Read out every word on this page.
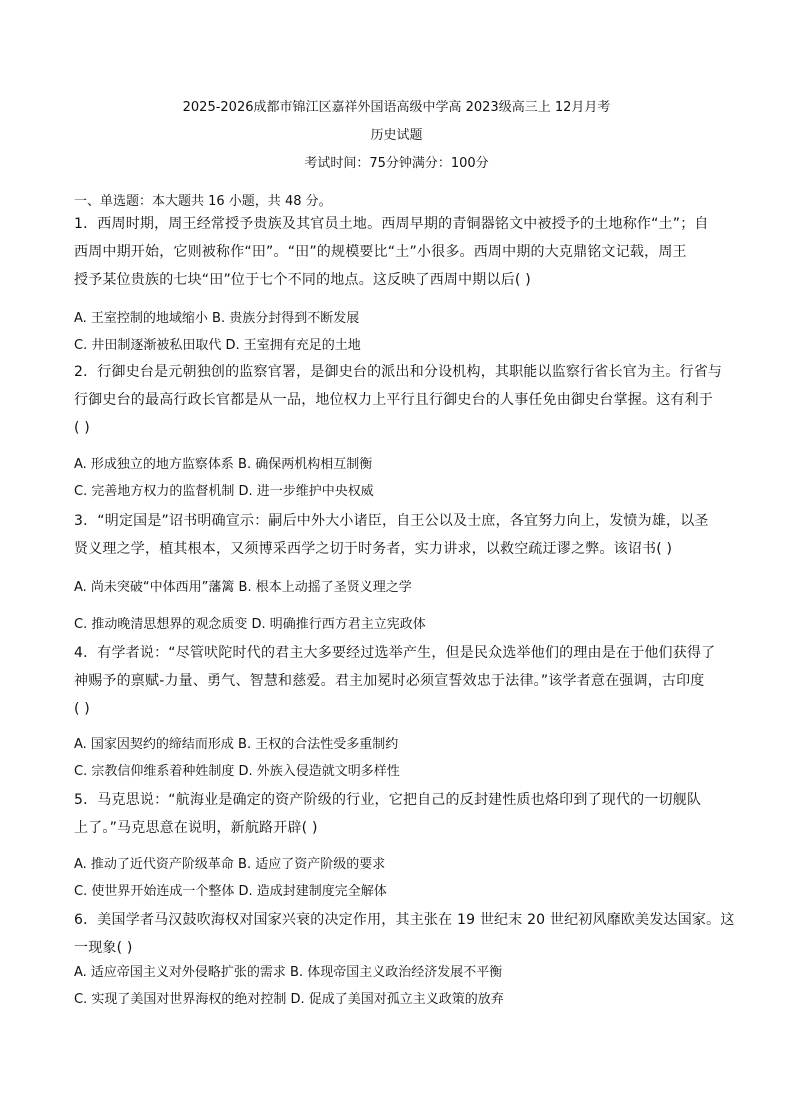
2025-2026成都市锦江区嘉祥外国语高级中学高 2023级高三上 12月月考
历史试题
考试时间：75分钟满分：100分
一、单选题：本大题共 16 小题，共 48 分。
1．西周时期，周王经常授予贵族及其官员土地。西周早期的青铜器铭文中被授予的土地称作“土”；自
西周中期开始，它则被称作“田”。“田”的规模要比“土”小很多。西周中期的大克鼎铭文记载，周王
授予某位贵族的七块“田”位于七个不同的地点。这反映了西周中期以后( )
A. 王室控制的地域缩小 B. 贵族分封得到不断发展
C. 井田制逐渐被私田取代 D. 王室拥有充足的土地
2．行御史台是元朝独创的监察官署，是御史台的派出和分设机构，其职能以监察行省长官为主。行省与
行御史台的最高行政长官都是从一品，地位权力上平行且行御史台的人事任免由御史台掌握。这有利于
( )
A. 形成独立的地方监察体系 B. 确保两机构相互制衡
C. 完善地方权力的监督机制 D. 进一步维护中央权威
3．“明定国是”诏书明确宣示：嗣后中外大小诸臣，自王公以及士庶，各宜努力向上，发愤为雄，以圣
贤义理之学，植其根本，又须博采西学之切于时务者，实力讲求，以救空疏迂谬之弊。该诏书( )
A. 尚未突破“中体西用”藩篱 B. 根本上动摇了圣贤义理之学
C. 推动晚清思想界的观念质变 D. 明确推行西方君主立宪政体
4．有学者说：“尽管吠陀时代的君主大多要经过选举产生，但是民众选举他们的理由是在于他们获得了
神赐予的禀赋-力量、勇气、智慧和慈爱。君主加冕时必须宣誓效忠于法律。”该学者意在强调，古印度
( )
A. 国家因契约的缔结而形成 B. 王权的合法性受多重制约
C. 宗教信仰维系着种姓制度 D. 外族入侵造就文明多样性
5．马克思说：“航海业是确定的资产阶级的行业，它把自己的反封建性质也烙印到了现代的一切舰队
上了。”马克思意在说明，新航路开辟( )
A. 推动了近代资产阶级革命 B. 适应了资产阶级的要求
C. 使世界开始连成一个整体 D. 造成封建制度完全解体
6．美国学者马汉鼓吹海权对国家兴衰的决定作用，其主张在 19 世纪末 20 世纪初风靡欧美发达国家。这
一现象( )
A. 适应帝国主义对外侵略扩张的需求 B. 体现帝国主义政治经济发展不平衡
C. 实现了美国对世界海权的绝对控制 D. 促成了美国对孤立主义政策的放弃
